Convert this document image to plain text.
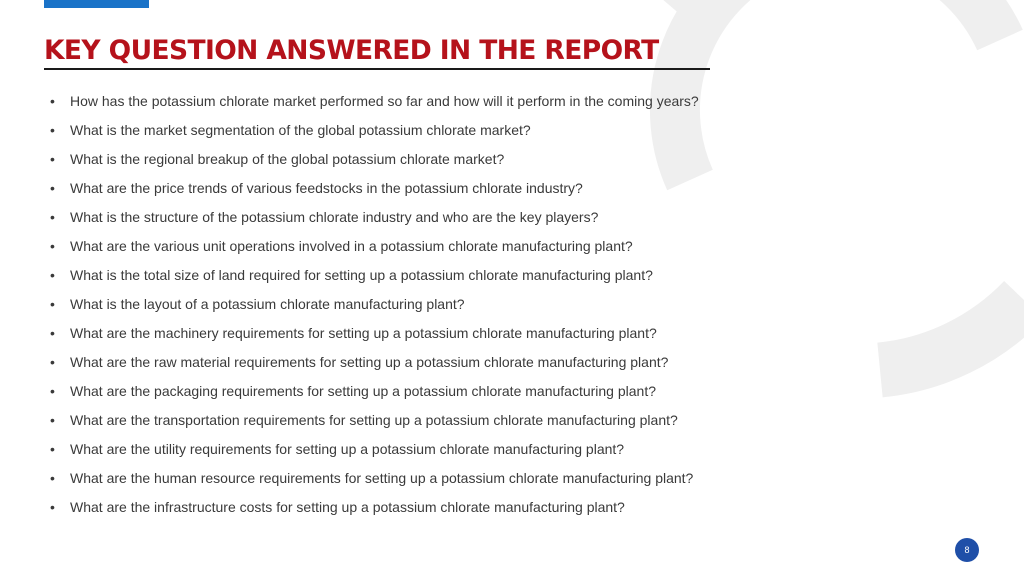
KEY QUESTION ANSWERED IN THE REPORT
• How has the potassium chlorate market performed so far and how will it perform in the coming years?
• What is the market segmentation of the global potassium chlorate market?
• What is the regional breakup of the global potassium chlorate market?
• What are the price trends of various feedstocks in the potassium chlorate industry?
• What is the structure of the potassium chlorate industry and who are the key players?
• What are the various unit operations involved in a potassium chlorate manufacturing plant?
• What is the total size of land required for setting up a potassium chlorate manufacturing plant?
• What is the layout of a potassium chlorate manufacturing plant?
• What are the machinery requirements for setting up a potassium chlorate manufacturing plant?
• What are the raw material requirements for setting up a potassium chlorate manufacturing plant?
• What are the packaging requirements for setting up a potassium chlorate manufacturing plant?
• What are the transportation requirements for setting up a potassium chlorate manufacturing plant?
• What are the utility requirements for setting up a potassium chlorate manufacturing plant?
• What are the human resource requirements for setting up a potassium chlorate manufacturing plant?
• What are the infrastructure costs for setting up a potassium chlorate manufacturing plant?
8
